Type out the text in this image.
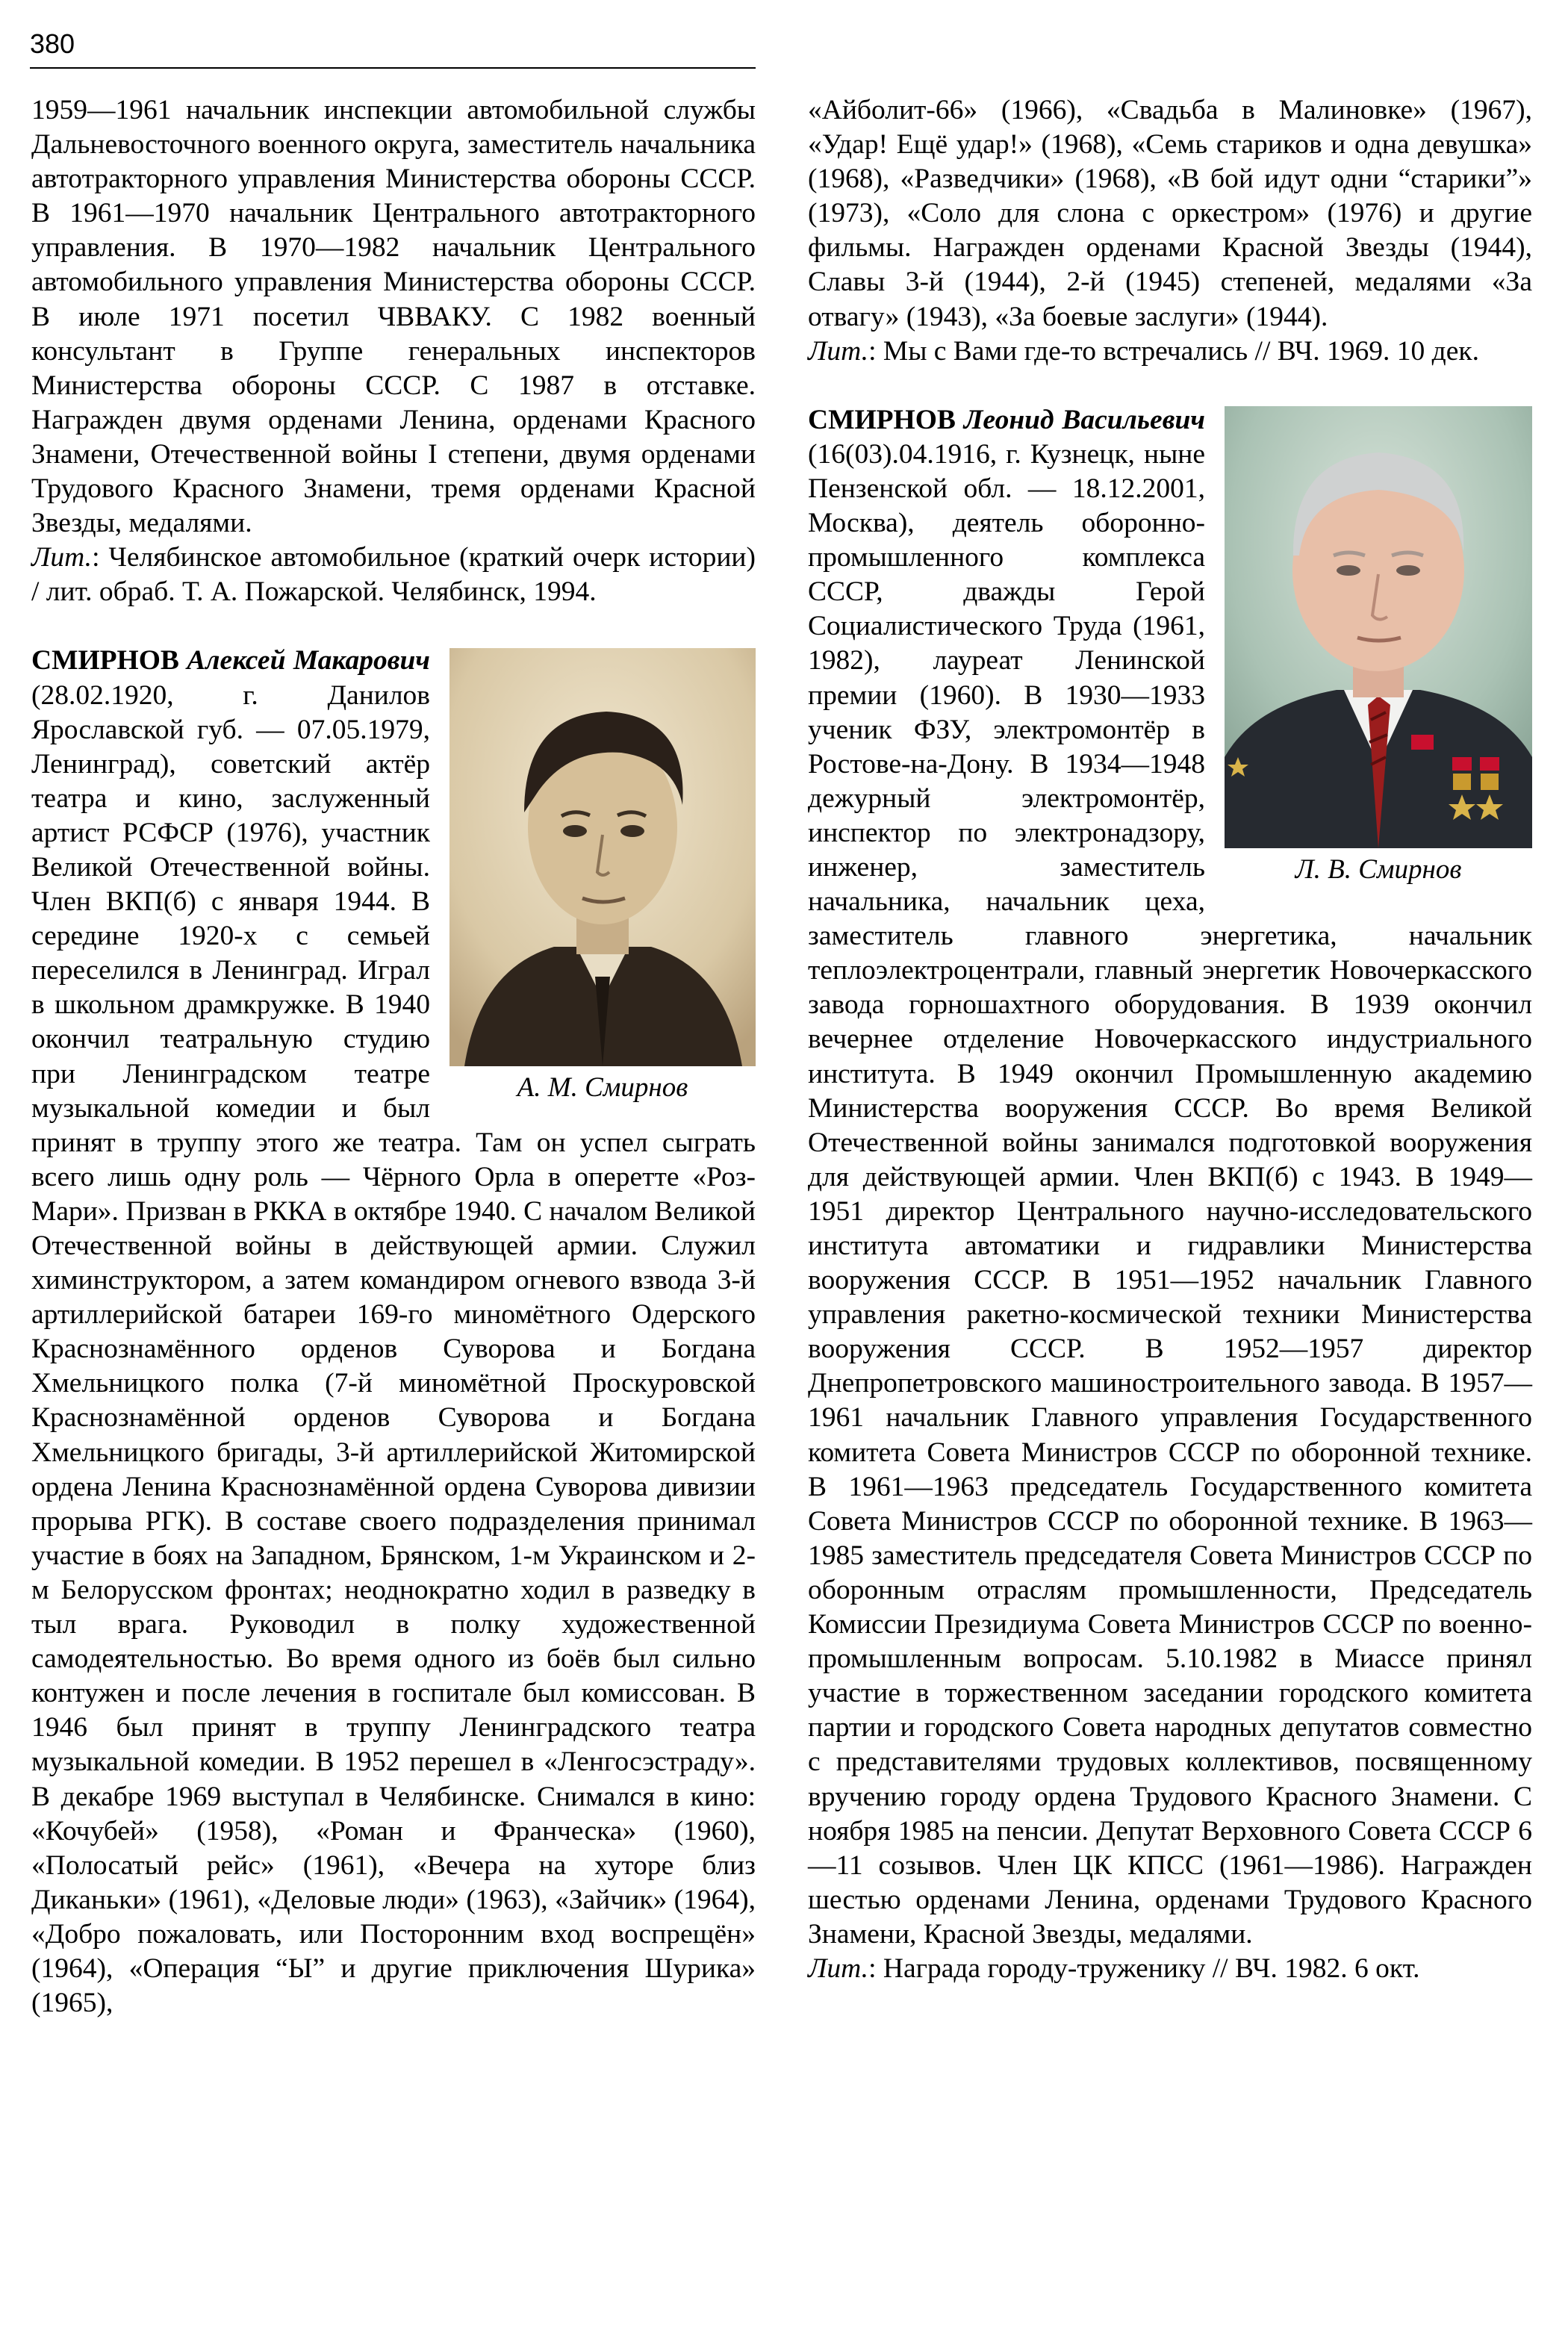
380

1959—1961 начальник инспекции автомобильной службы Дальневосточного военного округа, заместитель начальника автотракторного управления Министерства обороны СССР. В 1961—1970 начальник Центрального автотракторного управления. В 1970—1982 начальник Центрального автомобильного управления Министерства обороны СССР. В июле 1971 посетил ЧВВАКУ. С 1982 военный консультант в Группе генеральных инспекторов Министерства обороны СССР. С 1987 в отставке. Награжден двумя орденами Ленина, орденами Красного Знамени, Отечественной войны I степени, двумя орденами Трудового Красного Знамени, тремя орденами Красной Звезды, медалями.

Лит.: Челябинское автомобильное (краткий очерк истории) / лит. обраб. Т. А. Пожарской. Челябинск, 1994.

А. М. Смирнов

СМИРНОВ Алексей Макарович (28.02.1920, г. Данилов Ярославской губ. — 07.05.1979, Ленинград), советский актёр театра и кино, заслуженный артист РСФСР (1976), участник Великой Отечественной войны. Член ВКП(б) с января 1944. В середине 1920-х с семьей переселился в Ленинград. Играл в школьном драмкружке. В 1940 окончил театральную студию при Ленинградском театре музыкальной комедии и был принят в труппу этого же театра. Там он успел сыграть всего лишь одну роль — Чёрного Орла в оперетте «Роз-Мари». Призван в РККА в октябре 1940. С началом Великой Отечественной войны в действующей армии. Служил химинструктором, а затем командиром огневого взвода 3-й артиллерийской батареи 169-го миномётного Одерского Краснознамённого орденов Суворова и Богдана Хмельницкого полка (7-й миномётной Проскуровской Краснознамённой орденов Суворова и Богдана Хмельницкого бригады, 3-й артиллерийской Житомирской ордена Ленина Краснознамённой ордена Суворова дивизии прорыва РГК). В составе своего подразделения принимал участие в боях на Западном, Брянском, 1-м Украинском и 2-м Белорусском фронтах; неоднократно ходил в разведку в тыл врага. Руководил в полку художественной самодеятельностью. Во время одного из боёв был сильно контужен и после лечения в госпитале был комиссован. В 1946 был принят в труппу Ленинградского театра музыкальной комедии. В 1952 перешел в «Ленгосэстраду». В декабре 1969 выступал в Челябинске. Снимался в кино: «Кочубей» (1958), «Роман и Франческа» (1960), «Полосатый рейс» (1961), «Вечера на хуторе близ Диканьки» (1961), «Деловые люди» (1963), «Зайчик» (1964), «Добро пожаловать, или Посторонним вход воспрещён» (1964), «Операция “Ы” и другие приключения Шурика» (1965),

«Айболит-66» (1966), «Свадьба в Малиновке» (1967), «Удар! Ещё удар!» (1968), «Семь стариков и одна девушка» (1968), «Разведчики» (1968), «В бой идут одни “старики”» (1973), «Соло для слона с оркестром» (1976) и другие фильмы. Награжден орденами Красной Звезды (1944), Славы 3-й (1944), 2-й (1945) степеней, медалями «За отвагу» (1943), «За боевые заслуги» (1944).

Лит.: Мы с Вами где-то встречались // ВЧ. 1969. 10 дек.

СМИРНОВ Леонид Васильевич
Л. В. Смирнов
(16(03).04.1916, г. Кузнецк, ныне Пензенской обл. — 18.12.2001, Москва), деятель оборонно-промышленного комплекса СССР, дважды Герой Социалистического Труда (1961, 1982), лауреат Ленинской премии (1960). В 1930—1933 ученик ФЗУ, электромонтёр в Ростове-на-Дону. В 1934—1948 дежурный электромонтёр, инспектор по электронадзору, инженер, заместитель начальника, начальник цеха, заместитель главного энергетика, начальник теплоэлектроцентрали, главный энергетик Новочеркасского завода горношахтного оборудования. В 1939 окончил вечернее отделение Новочеркасского индустриального института. В 1949 окончил Промышленную академию Министерства вооружения СССР. Во время Великой Отечественной войны занимался подготовкой вооружения для действующей армии. Член ВКП(б) с 1943. В 1949—1951 директор Центрального научно-исследовательского института автоматики и гидравлики Министерства вооружения СССР. В 1951—1952 начальник Главного управления ракетно-космической техники Министерства вооружения СССР. В 1952—1957 директор Днепропетровского машиностроительного завода. В 1957—1961 начальник Главного управления Государственного комитета Совета Министров СССР по оборонной технике. В 1961—1963 председатель Государственного комитета Совета Министров СССР по оборонной технике. В 1963—1985 заместитель председателя Совета Министров СССР по оборонным отраслям промышленности, Председатель Комиссии Президиума Совета Министров СССР по военно-промышленным вопросам. 5.10.1982 в Миассе принял участие в торжественном заседании городского комитета партии и городского Совета народных депутатов совместно с представителями трудовых коллективов, посвященному вручению городу ордена Трудового Красного Знамени. С ноября 1985 на пенсии. Депутат Верховного Совета СССР 6—11 созывов. Член ЦК КПСС (1961—1986). Награжден шестью орденами Ленина, орденами Трудового Красного Знамени, Красной Звезды, медалями.

Лит.: Награда городу-труженику // ВЧ. 1982. 6 окт.
